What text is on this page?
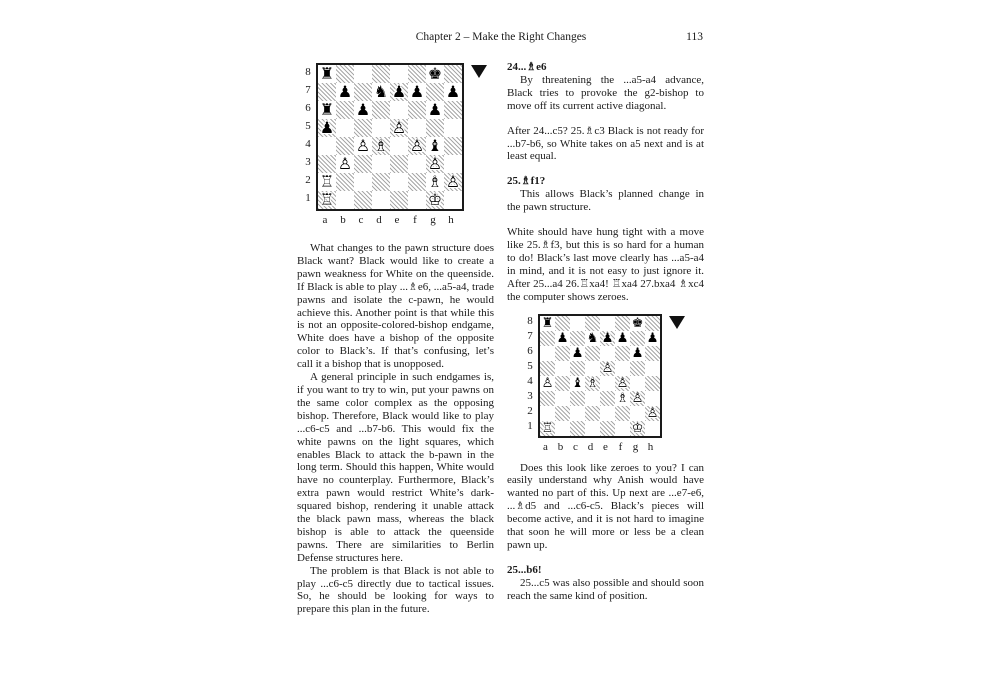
Chapter 2 – Make the Right Changes	113
8
7
6
5
4
3
2
1
♜	♚
♟ ♞ ♟ ♟ ♟
♜ ♟	♟
♟	♙
♙ ♗ ♙ ♝
♙	♙
♖	♗ ♙
♖	♔
a	b	c	d	e	f	g	h

What changes to the pawn structure does Black want? Black would like to create a pawn weakness for White on the queenside. If Black is able to play ...♗e6, ...a5-a4, trade pawns and isolate the c-pawn, he would achieve this. Another point is that while this is not an opposite-colored-bishop endgame, White does have a bishop of the opposite color to Black’s. If that’s confusing, let’s call it a bishop that is unopposed.

A general principle in such endgames is, if you want to try to win, put your pawns on the same color complex as the opposing bishop. Therefore, Black would like to play ...c6-c5 and ...b7-b6. This would fix the white pawns on the light squares, which enables Black to attack the b-pawn in the long term. Should this happen, White would have no counterplay. Furthermore, Black’s extra pawn would restrict White’s dark-squared bishop, rendering it unable attack the black pawn mass, whereas the black bishop is able to attack the queenside pawns. There are similarities to Berlin Defense structures here.

The problem is that Black is not able to play ...c6-c5 directly due to tactical issues. So, he should be looking for ways to prepare this plan in the future.

24...♗e6

By threatening the ...a5-a4 advance, Black tries to provoke the g2-bishop to move off its current active diagonal.

After 24...c5? 25.♗c3 Black is not ready for ...b7-b6, so White takes on a5 next and is at least equal.

25.♗f1?

This allows Black’s planned change in the pawn structure.

White should have hung tight with a move like 25.♗f3, but this is so hard for a human to do! Black’s last move clearly has ...a5-a4 in mind, and it is not easy to just ignore it. After 25...a4 26.♖xa4! ♖xa4 27.bxa4 ♗xc4 the computer shows zeroes.

8
7
6
5
4
3
2
1
♜	♚
♟ ♞ ♟ ♟ ♟
♟	♟
♙
♙ ♝ ♗ ♙
♗ ♙
♙
♖	♔
a b c d e f g h

Does this look like zeroes to you? I can easily understand why Anish would have wanted no part of this. Up next are ...e7-e6, ...♗d5 and ...c6-c5. Black’s pieces will become active, and it is not hard to imagine that soon he will more or less be a clean pawn up.

25...b6!

25...c5 was also possible and should soon reach the same kind of position.
